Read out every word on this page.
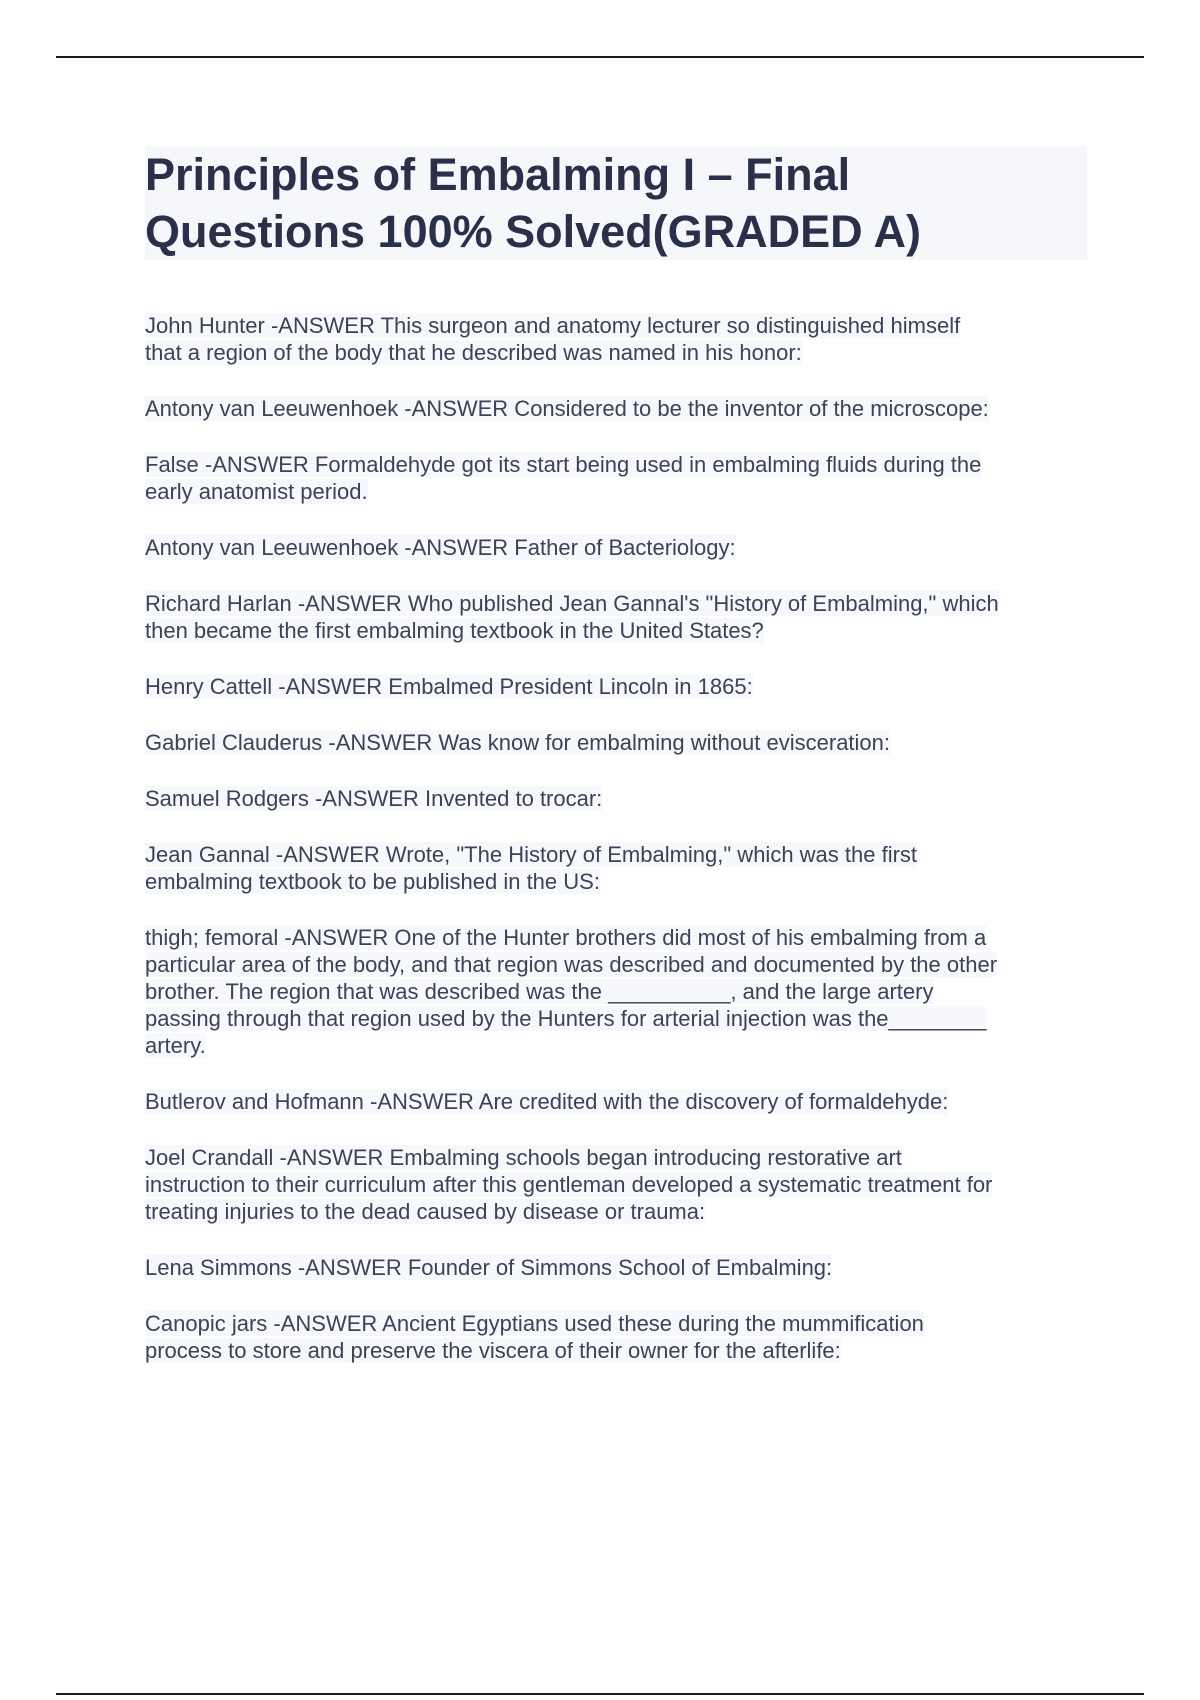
Principles of Embalming I – Final
Questions 100% Solved(GRADED A)
John Hunter -ANSWER This surgeon and anatomy lecturer so distinguished himself
that a region of the body that he described was named in his honor:
Antony van Leeuwenhoek -ANSWER Considered to be the inventor of the microscope:
False -ANSWER Formaldehyde got its start being used in embalming fluids during the
early anatomist period.
Antony van Leeuwenhoek -ANSWER Father of Bacteriology:
Richard Harlan -ANSWER Who published Jean Gannal's "History of Embalming," which
then became the first embalming textbook in the United States?
Henry Cattell -ANSWER Embalmed President Lincoln in 1865:
Gabriel Clauderus -ANSWER Was know for embalming without evisceration:
Samuel Rodgers -ANSWER Invented to trocar:
Jean Gannal -ANSWER Wrote, "The History of Embalming," which was the first
embalming textbook to be published in the US:
thigh; femoral -ANSWER One of the Hunter brothers did most of his embalming from a
particular area of the body, and that region was described and documented by the other
brother. The region that was described was the __________, and the large artery
passing through that region used by the Hunters for arterial injection was the________
artery.
Butlerov and Hofmann -ANSWER Are credited with the discovery of formaldehyde:
Joel Crandall -ANSWER Embalming schools began introducing restorative art
instruction to their curriculum after this gentleman developed a systematic treatment for
treating injuries to the dead caused by disease or trauma:
Lena Simmons -ANSWER Founder of Simmons School of Embalming:
Canopic jars -ANSWER Ancient Egyptians used these during the mummification
process to store and preserve the viscera of their owner for the afterlife:
